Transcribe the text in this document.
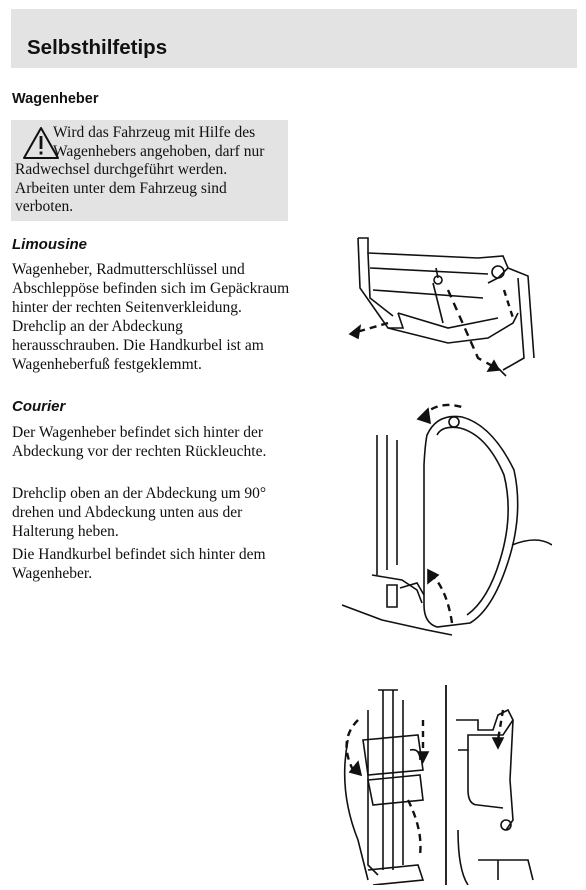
Selbsthilfetips
Wagenheber

Wird das Fahrzeug mit Hilfe des Wagenhebers angehoben, darf nur Radwechsel durchgeführt werden. Arbeiten unter dem Fahrzeug sind verboten.

Limousine

Wagenheber, Radmutterschlüssel und Abschleppöse befinden sich im Gepäckraum hinter der rechten Seitenverkleidung. Drehclip an der Abdeckung herausschrauben. Die Handkurbel ist am Wagenheberfuß festgeklemmt.

Courier

Der Wagenheber befindet sich hinter der Abdeckung vor der rechten Rückleuchte.

Drehclip oben an der Abdeckung um 90° drehen und Abdeckung unten aus der Halterung heben.

Die Handkurbel befindet sich hinter dem Wagenheber.
